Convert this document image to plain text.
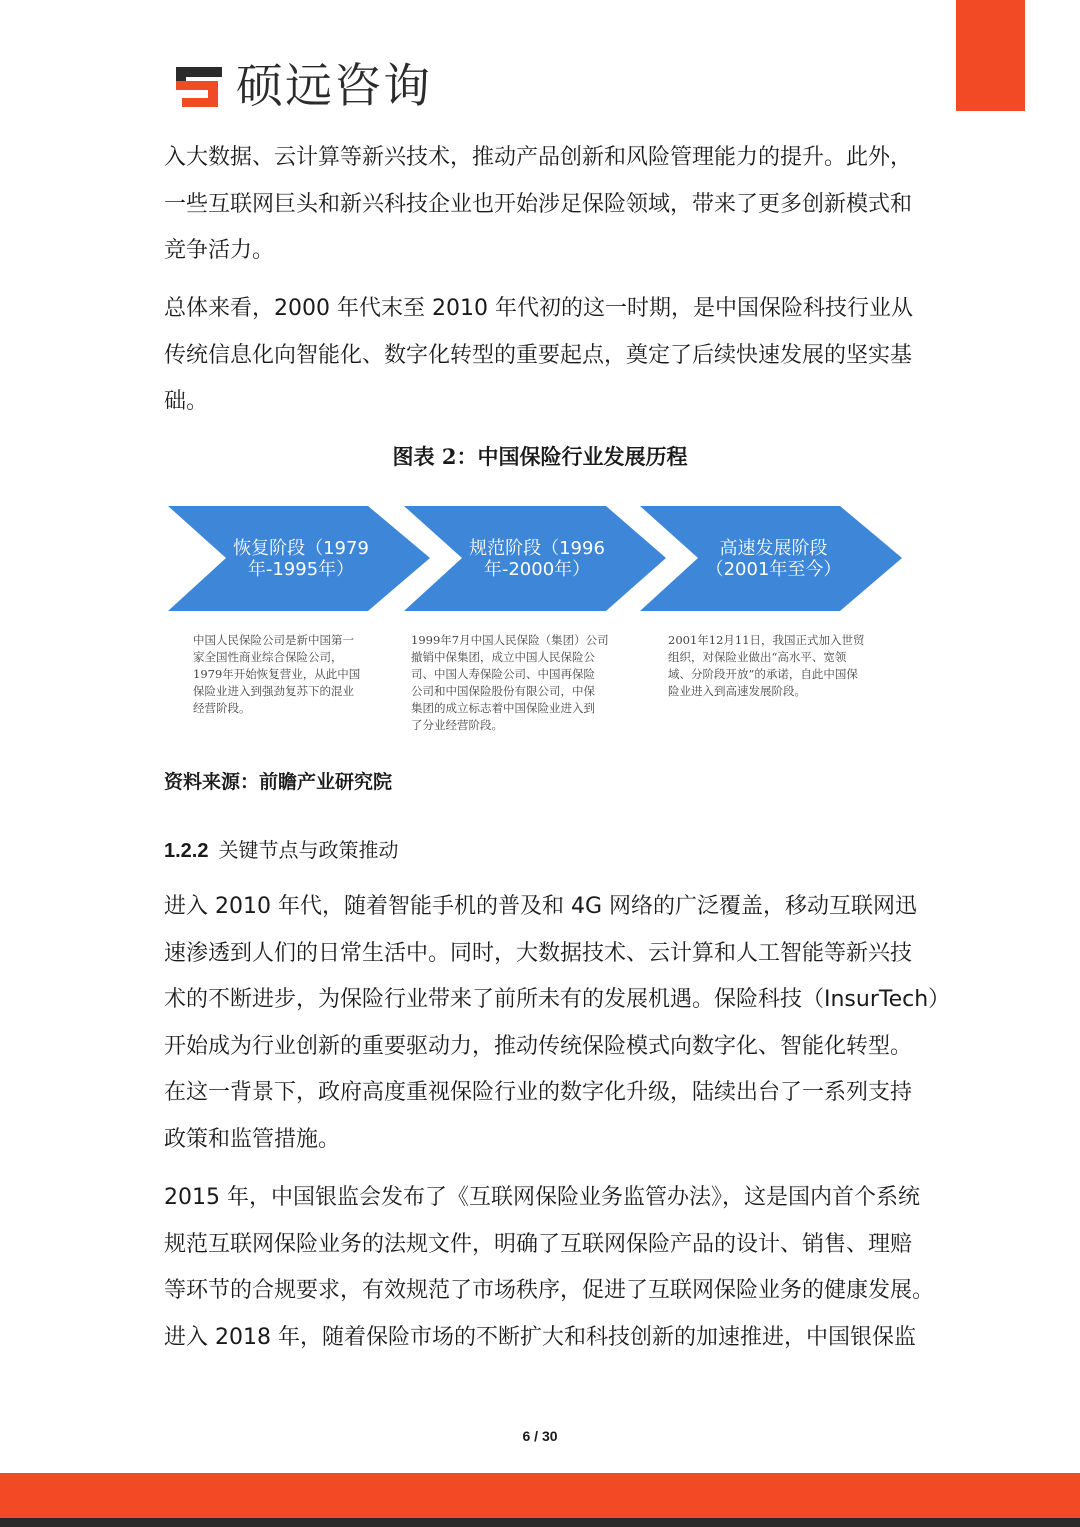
硕远咨询

入大数据、云计算等新兴技术，推动产品创新和风险管理能力的提升。此外，
一些互联网巨头和新兴科技企业也开始涉足保险领域，带来了更多创新模式和
竞争活力。

总体来看，2000 年代末至 2010 年代初的这一时期，是中国保险科技行业从
传统信息化向智能化、数字化转型的重要起点，奠定了后续快速发展的坚实基
础。

图表 2：中国保险行业发展历程
恢复阶段（1979
年-1995年）
规范阶段（1996
年-2000年）
高速发展阶段
（2001年至今）

中国人民保险公司是新中国第一
家全国性商业综合保险公司，
1979年开始恢复营业，从此中国
保险业进入到强劲复苏下的混业
经营阶段。

1999年7月中国人民保险（集团）公司
撤销中保集团，成立中国人民保险公
司、中国人寿保险公司、中国再保险
公司和中国保险股份有限公司，中保
集团的成立标志着中国保险业进入到
了分业经营阶段。

2001年12月11日，我国正式加入世贸
组织，对保险业做出“高水平、宽领
域、分阶段开放”的承诺，自此中国保
险业进入到高速发展阶段。

资料来源：前瞻产业研究院
1.2.2 关键节点与政策推动

进入 2010 年代，随着智能手机的普及和 4G 网络的广泛覆盖，移动互联网迅
速渗透到人们的日常生活中。同时，大数据技术、云计算和人工智能等新兴技
术的不断进步，为保险行业带来了前所未有的发展机遇。保险科技（InsurTech）
开始成为行业创新的重要驱动力，推动传统保险模式向数字化、智能化转型。
在这一背景下，政府高度重视保险行业的数字化升级，陆续出台了一系列支持
政策和监管措施。

2015 年，中国银监会发布了《互联网保险业务监管办法》，这是国内首个系统
规范互联网保险业务的法规文件，明确了互联网保险产品的设计、销售、理赔
等环节的合规要求，有效规范了市场秩序，促进了互联网保险业务的健康发展。
进入 2018 年，随着保险市场的不断扩大和科技创新的加速推进，中国银保监

6 / 30
